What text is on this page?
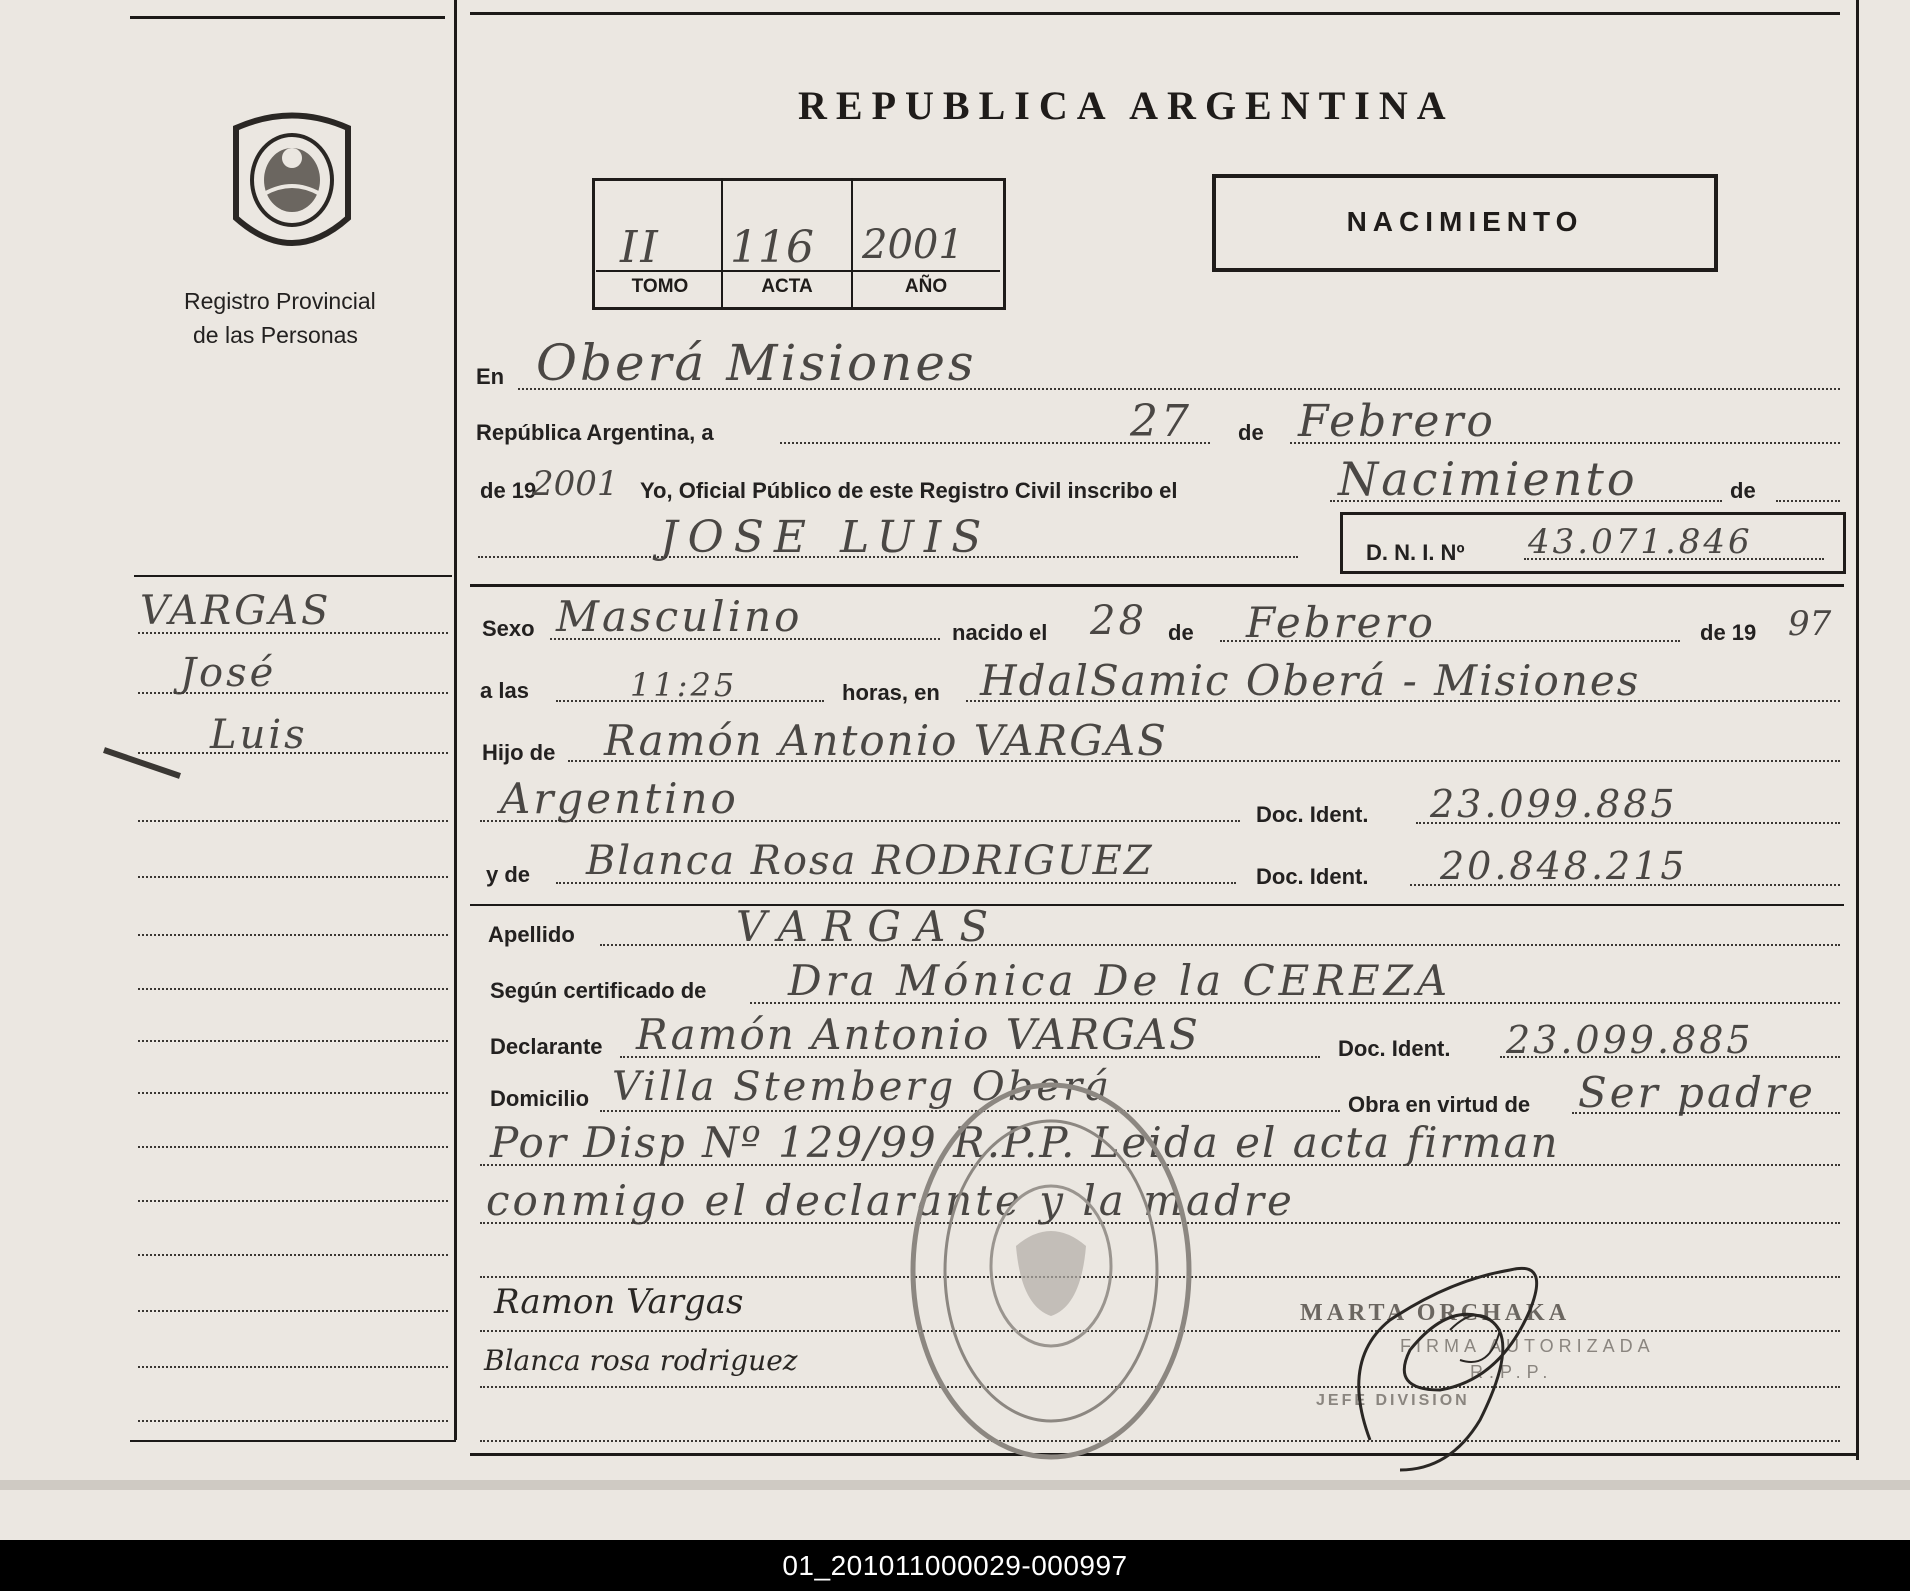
Registro Provincial
de las Personas
VARGAS
José
Luis
Ramon Vargas
Blanca rosa rodriguez
REPUBLICA ARGENTINA
II 116 2001
TOMO	ACTA	AÑO
NACIMIENTO
En Oberá Misiones
República Argentina, a	27 de Febrero
de 19
2001 Yo, Oficial Público de este Registro Civil inscribo el	Nacimiento	de
JOSE LUIS	D. N. I. Nº 43.071.846
Sexo Masculino	nacido el 28 de Febrero	de 19 97
a las	11:25	horas, en HdalSamic Oberá - Misiones
Hijo de Ramón Antonio VARGAS
Argentino	Doc. Ident. 23.099.885
y de Blanca Rosa RODRIGUEZ	Doc. Ident. 20.848.215
Apellido	VARGAS
Según certificado de Dra Mónica De la CEREZA
Declarante Ramón Antonio VARGAS	Doc. Ident. 23.099.885
Domicilio Villa Stemberg Oberá	Obra en virtud de Ser padre
Por Disp Nº 129/99 R.P.P. Leida el acta firman
conmigo el declarante y la madre
MARTA ORCHAKA
FIRMA AUTORIZADA
R.P.P.
JEFE DIVISION
01_201011000029-000997
